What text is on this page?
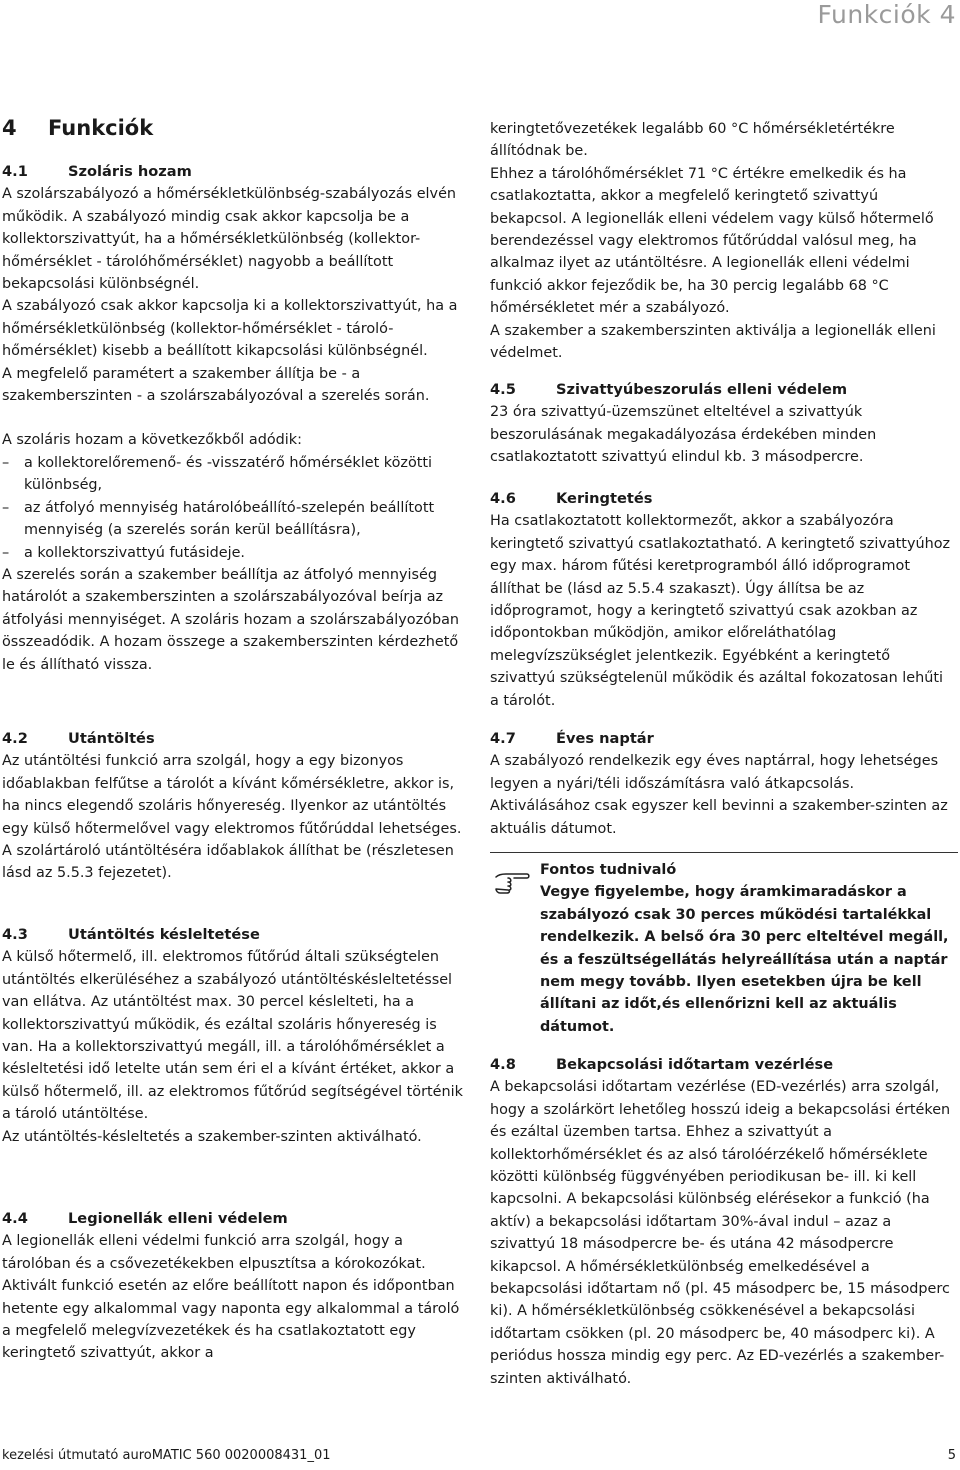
Funkciók 4
4 Funkciók
4.1	Szoláris hozam

A szolárszabályozó a hőmérsékletkülönbség-szabályozás elvén működik. A szabályozó mindig csak akkor kapcsolja be a kollektorszivattyút, ha a hőmérsékletkülönbség (kollektor-hőmérséklet - tárolóhőmérséklet) nagyobb a beállított bekapcsolási különbségnél.

A szabályozó csak akkor kapcsolja ki a kollektorszivattyút, ha a hőmérsékletkülönbség (kollektor-hőmérséklet - tároló-hőmérséklet) kisebb a beállított kikapcsolási különbségnél.

A megfelelő paramétert a szakember állítja be - a szakemberszinten - a szolárszabályozóval a szerelés során.

A szoláris hozam a következőkből adódik:

– a kollektorelőremenő- és -visszatérő hőmérséklet közötti különbség,
– az átfolyó mennyiség határolóbeállító-szelepén beállított mennyiség (a szerelés során kerül beállításra),
– a kollektorszivattyú futásideje.

A szerelés során a szakember beállítja az átfolyó mennyiség határolót a szakemberszinten a szolárszabályozóval beírja az átfolyási mennyiséget. A szoláris hozam a szolárszabályozóban összeadódik. A hozam összege a szakemberszinten kérdezhető le és állítható vissza.

4.2	Utántöltés

Az utántöltési funkció arra szolgál, hogy a egy bizonyos időablakban felfűtse a tárolót a kívánt kőmérsékletre, akkor is, ha nincs elegendő szoláris hőnyereség. Ilyenkor az utántöltés egy külső hőtermelővel vagy elektromos fűtőrúddal lehetséges. A szolártároló utántöltéséra időablakok állíthat be (részletesen lásd az 5.5.3 fejezetet).

4.3	Utántöltés késleltetése

A külső hőtermelő, ill. elektromos fűtőrúd általi szükségtelen utántöltés elkerüléséhez a szabályozó utántöltéskésleltetéssel van ellátva. Az utántöltést max. 30 percel késlelteti, ha a kollektorszivattyú működik, és ezáltal szoláris hőnyereség is van. Ha a kollektorszivattyú megáll, ill. a tárolóhőmérséklet a késleltetési idő letelte után sem éri el a kívánt értéket, akkor a külső hőtermelő, ill. az elektromos fűtőrúd segítségével történik a tároló utántöltése.

Az utántöltés-késleltetés a szakember-szinten aktiválható.

4.4	Legionellák elleni védelem

A legionellák elleni védelmi funkció arra szolgál, hogy a tárolóban és a csővezetékekben elpusztítsa a kórokozókat.

Aktivált funkció esetén az előre beállított napon és időpontban hetente egy alkalommal vagy naponta egy alkalommal a tároló a megfelelő melegvízvezetékek és ha csatlakoztatott egy keringtető szivattyút, akkor a

keringtetővezetékek legalább 60 °C hőmérsékletértékre állítódnak be.

Ehhez a tárolóhőmérséklet 71 °C értékre emelkedik és ha csatlakoztatta, akkor a megfelelő keringtető szivattyú bekapcsol. A legionellák elleni védelem vagy külső hőtermelő berendezéssel vagy elektromos fűtőrúddal valósul meg, ha alkalmaz ilyet az utántöltésre. A legionellák elleni védelmi funkció akkor fejeződik be, ha 30 percig legalább 68 °C hőmérsékletet mér a szabályozó.

A szakember a szakemberszinten aktiválja a legionellák elleni védelmet.

4.5	Szivattyúbeszorulás elleni védelem

23 óra szivattyú-üzemszünet elteltével a szivattyúk beszorulásának megakadályozása érdekében minden csatlakoztatott szivattyú elindul kb. 3 másodpercre.

4.6	Keringtetés

Ha csatlakoztatott kollektormezőt, akkor a szabályozóra keringtető szivattyú csatlakoztatható. A keringtető szivattyúhoz egy max. három fűtési keretprogramból álló időprogramot állíthat be (lásd az 5.5.4 szakaszt). Úgy állítsa be az időprogramot, hogy a keringtető szivattyú csak azokban az időpontokban működjön, amikor előreláthatólag melegvízszükséglet jelentkezik. Egyébként a keringtető szivattyú szükségtelenül működik és azáltal fokozatosan lehűti a tárolót.

4.7	Éves naptár

A szabályozó rendelkezik egy éves naptárral, hogy lehetséges legyen a nyári/téli időszámításra való átkapcsolás. Aktiválásához csak egyszer kell bevinni a szakember-szinten az aktuális dátumot.

Fontos tudnivaló
Vegye figyelembe, hogy áramkimaradáskor a szabályozó csak 30 perces működési tartalékkal rendelkezik. A belső óra 30 perc elteltével megáll, és a feszültségellátás helyreállítása után a naptár nem megy tovább. Ilyen esetekben újra be kell állítani az időt,és ellenőrizni kell az aktuális dátumot.
4.8	Bekapcsolási időtartam vezérlése

A bekapcsolási időtartam vezérlése (ED-vezérlés) arra szolgál, hogy a szolárkört lehetőleg hosszú ideig a bekapcsolási értéken és ezáltal üzemben tartsa. Ehhez a szivattyút a kollektorhőmérséklet és az alsó tárolóérzékelő hőmérséklete közötti különbség függvényében periodikusan be- ill. ki kell kapcsolni. A bekapcsolási különbség elérésekor a funkció (ha aktív) a bekapcsolási időtartam 30%-ával indul – azaz a szivattyú 18 másodpercre be- és utána 42 másodpercre kikapcsol. A hőmérsékletkülönbség emelkedésével a bekapcsolási időtartam nő (pl. 45 másodperc be, 15 másodperc ki). A hőmérsékletkülönbség csökkenésével a bekapcsolási időtartam csökken (pl. 20 másodperc be, 40 másodperc ki). A periódus hossza mindig egy perc. Az ED-vezérlés a szakember-szinten aktiválható.

kezelési útmutató auroMATIC 560 0020008431_01	5
